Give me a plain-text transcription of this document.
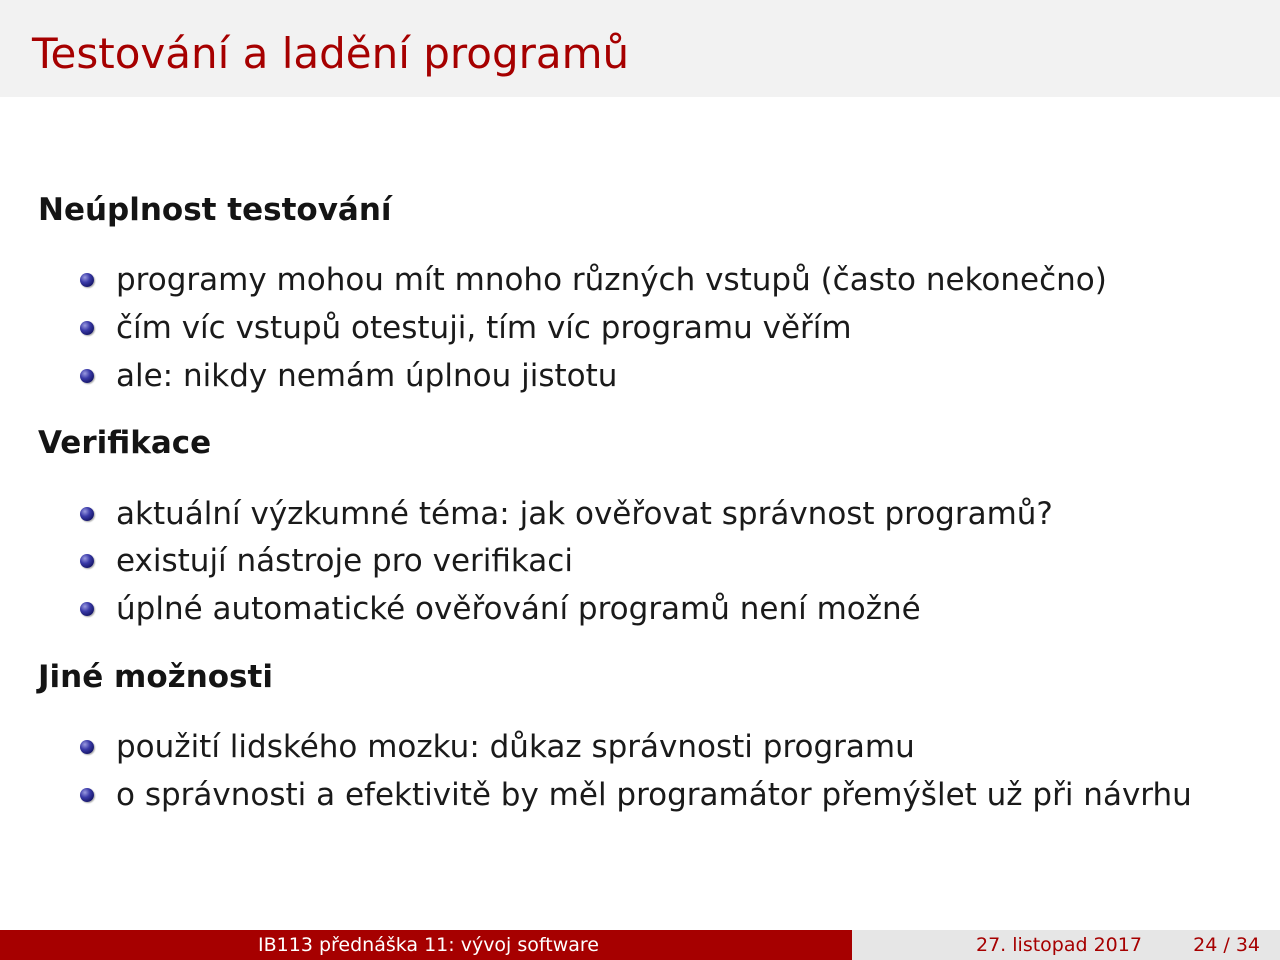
Testování a ladění programů
Neúplnost testování
programy mohou mít mnoho různých vstupů (často nekonečno)
čím víc vstupů otestuji, tím víc programu věřím
ale: nikdy nemám úplnou jistotu
Verifikace
aktuální výzkumné téma: jak ověřovat správnost programů?
existují nástroje pro verifikaci
úplné automatické ověřování programů není možné
Jiné možnosti
použití lidského mozku: důkaz správnosti programu
o správnosti a efektivitě by měl programátor přemýšlet už při návrhu
IB113 přednáška 11: vývoj software	27. listopad 2017	24 / 34
